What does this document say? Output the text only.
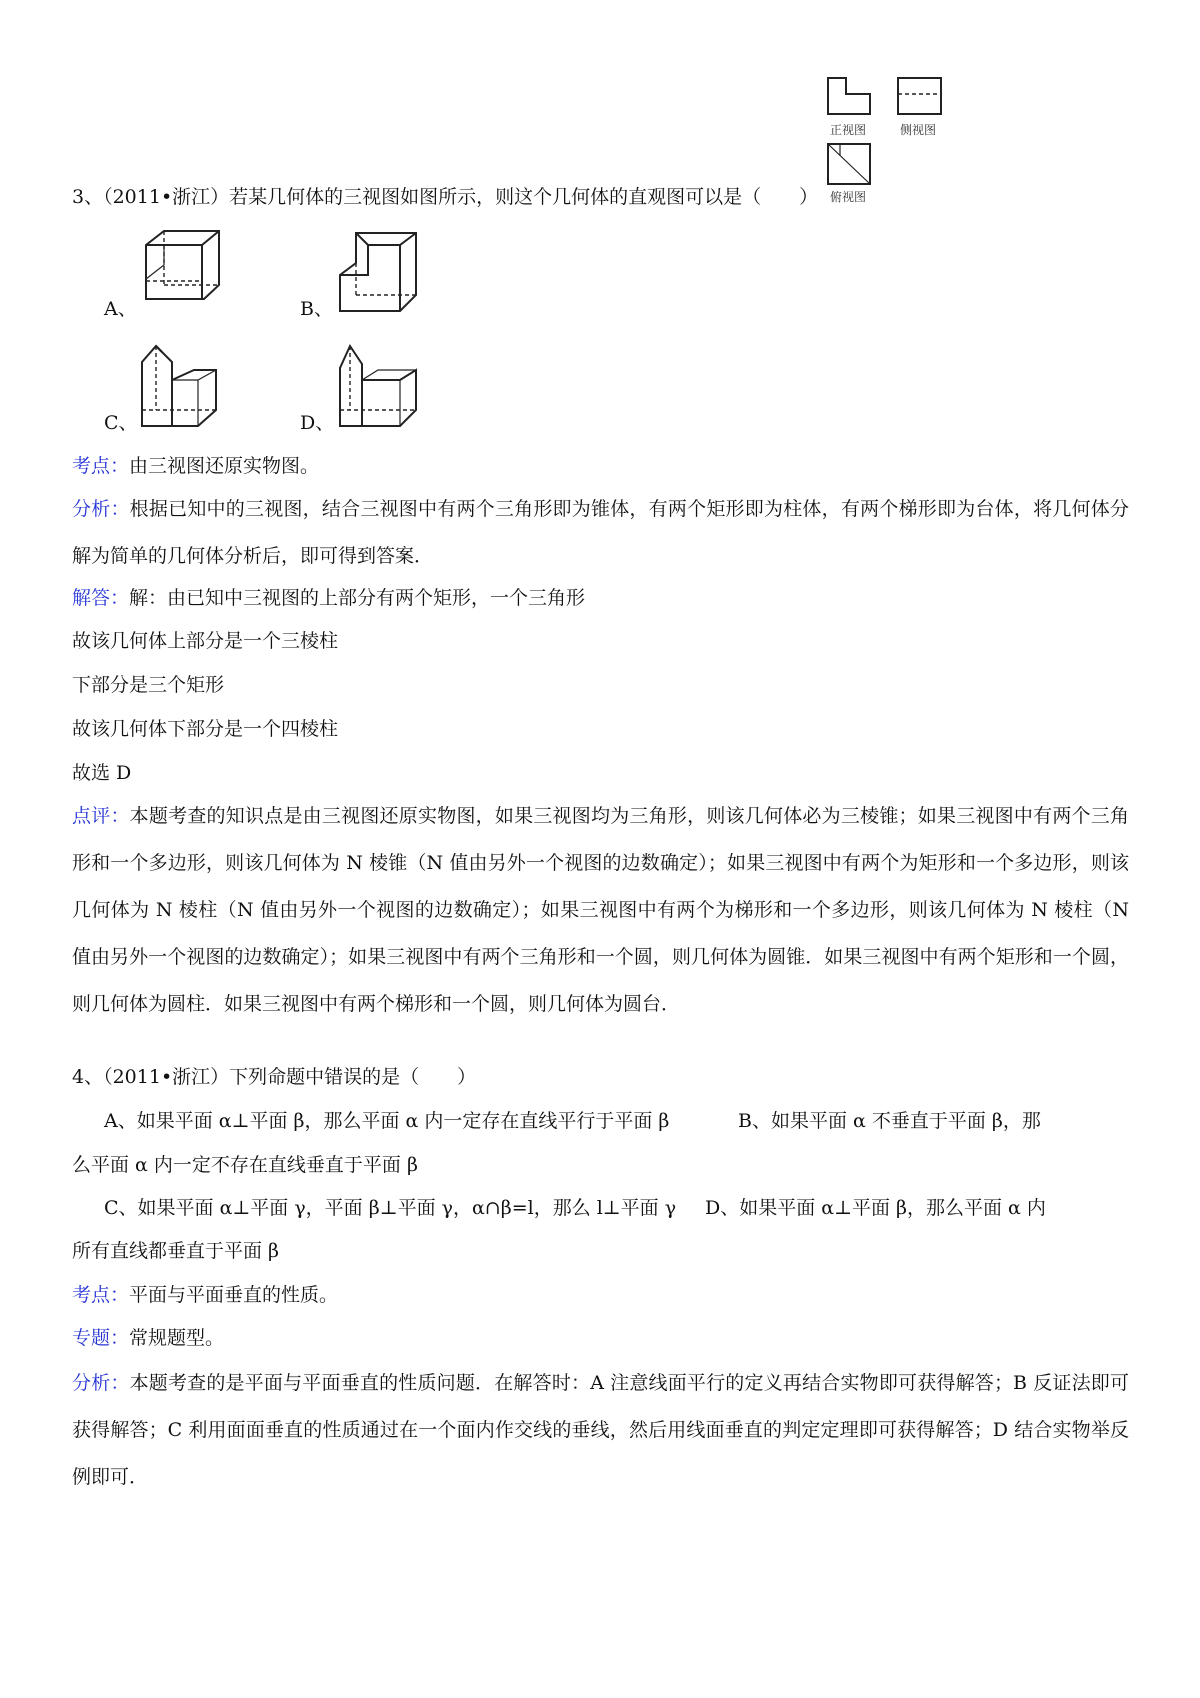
正视图	侧视图
俯视图
3、（2011•浙江）若某几何体的三视图如图所示，则这个几何体的直观图可以是（　　）
A、	B、
C、	D、
考点：由三视图还原实物图。
分析：根据已知中的三视图，结合三视图中有两个三角形即为锥体，有两个矩形即为柱体，有两个梯形即为台体，将几何体分解为简单的几何体分析后，即可得到答案．
解答：解：由已知中三视图的上部分有两个矩形，一个三角形
故该几何体上部分是一个三棱柱
下部分是三个矩形
故该几何体下部分是一个四棱柱
故选 D
点评：本题考查的知识点是由三视图还原实物图，如果三视图均为三角形，则该几何体必为三棱锥；如果三视图中有两个三角形和一个多边形，则该几何体为 N 棱锥（N 值由另外一个视图的边数确定）；如果三视图中有两个为矩形和一个多边形，则该几何体为 N 棱柱（N 值由另外一个视图的边数确定）；如果三视图中有两个为梯形和一个多边形，则该几何体为 N 棱柱（N 值由另外一个视图的边数确定）；如果三视图中有两个三角形和一个圆，则几何体为圆锥．如果三视图中有两个矩形和一个圆，则几何体为圆柱．如果三视图中有两个梯形和一个圆，则几何体为圆台．
4、（2011•浙江）下列命题中错误的是（　　）
A、如果平面 α⊥平面 β，那么平面 α 内一定存在直线平行于平面 β	B、如果平面 α 不垂直于平面 β，那
么平面 α 内一定不存在直线垂直于平面 β
C、如果平面 α⊥平面 γ，平面 β⊥平面 γ，α∩β=l，那么 l⊥平面 γ D、如果平面 α⊥平面 β，那么平面 α 内
所有直线都垂直于平面 β
考点：平面与平面垂直的性质。
专题：常规题型。
分析：本题考查的是平面与平面垂直的性质问题．在解答时：A 注意线面平行的定义再结合实物即可获得解答；B 反证法即可获得解答；C 利用面面垂直的性质通过在一个面内作交线的垂线，然后用线面垂直的判定定理即可获得解答；D 结合实物举反例即可．
